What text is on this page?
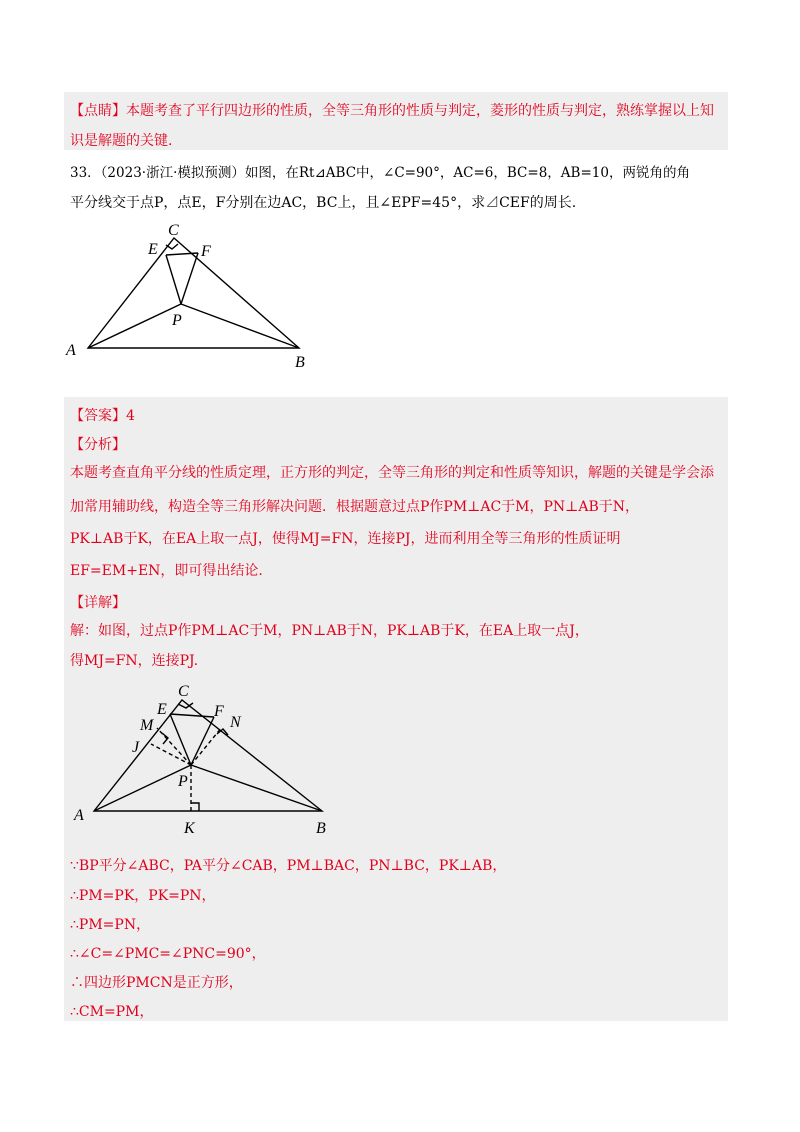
【点睛】本题考查了平行四边形的性质，全等三角形的性质与判定，菱形的性质与判定，熟练掌握以上知
识是解题的关键.
33．（2023·浙江·模拟预测）如图，在Rt⊿ABC中，∠C=90°，AC=6，BC=8，AB=10，两锐角的角
平分线交于点P，点E，F分别在边AC，BC上，且∠EPF=45°，求⊿CEF的周长.
C
E	F
P
A
B
【答案】4
【分析】
本题考查直角平分线的性质定理，正方形的判定，全等三角形的判定和性质等知识，解题的关键是学会添
加常用辅助线，构造全等三角形解决问题．根据题意过点P作PM⊥AC于M，PN⊥AB于N，
PK⊥AB于K，在EA上取一点J，使得MJ=FN，连接PJ，进而利用全等三角形的性质证明
EF=EM+EN，即可得出结论.
【详解】
解：如图，过点P作PM⊥AC于M，PN⊥AB于N，PK⊥AB于K，在EA上取一点J，
得MJ=FN，连接PJ.
C
E	F
M	N
J
P
A
K	B
∵BP平分∠ABC，PA平分∠CAB，PM⊥BAC，PN⊥BC，PK⊥AB，
∴PM=PK，PK=PN，
∴PM=PN，
∴∠C=∠PMC=∠PNC=90°，
∴四边形PMCN是正方形，
∴CM=PM，
